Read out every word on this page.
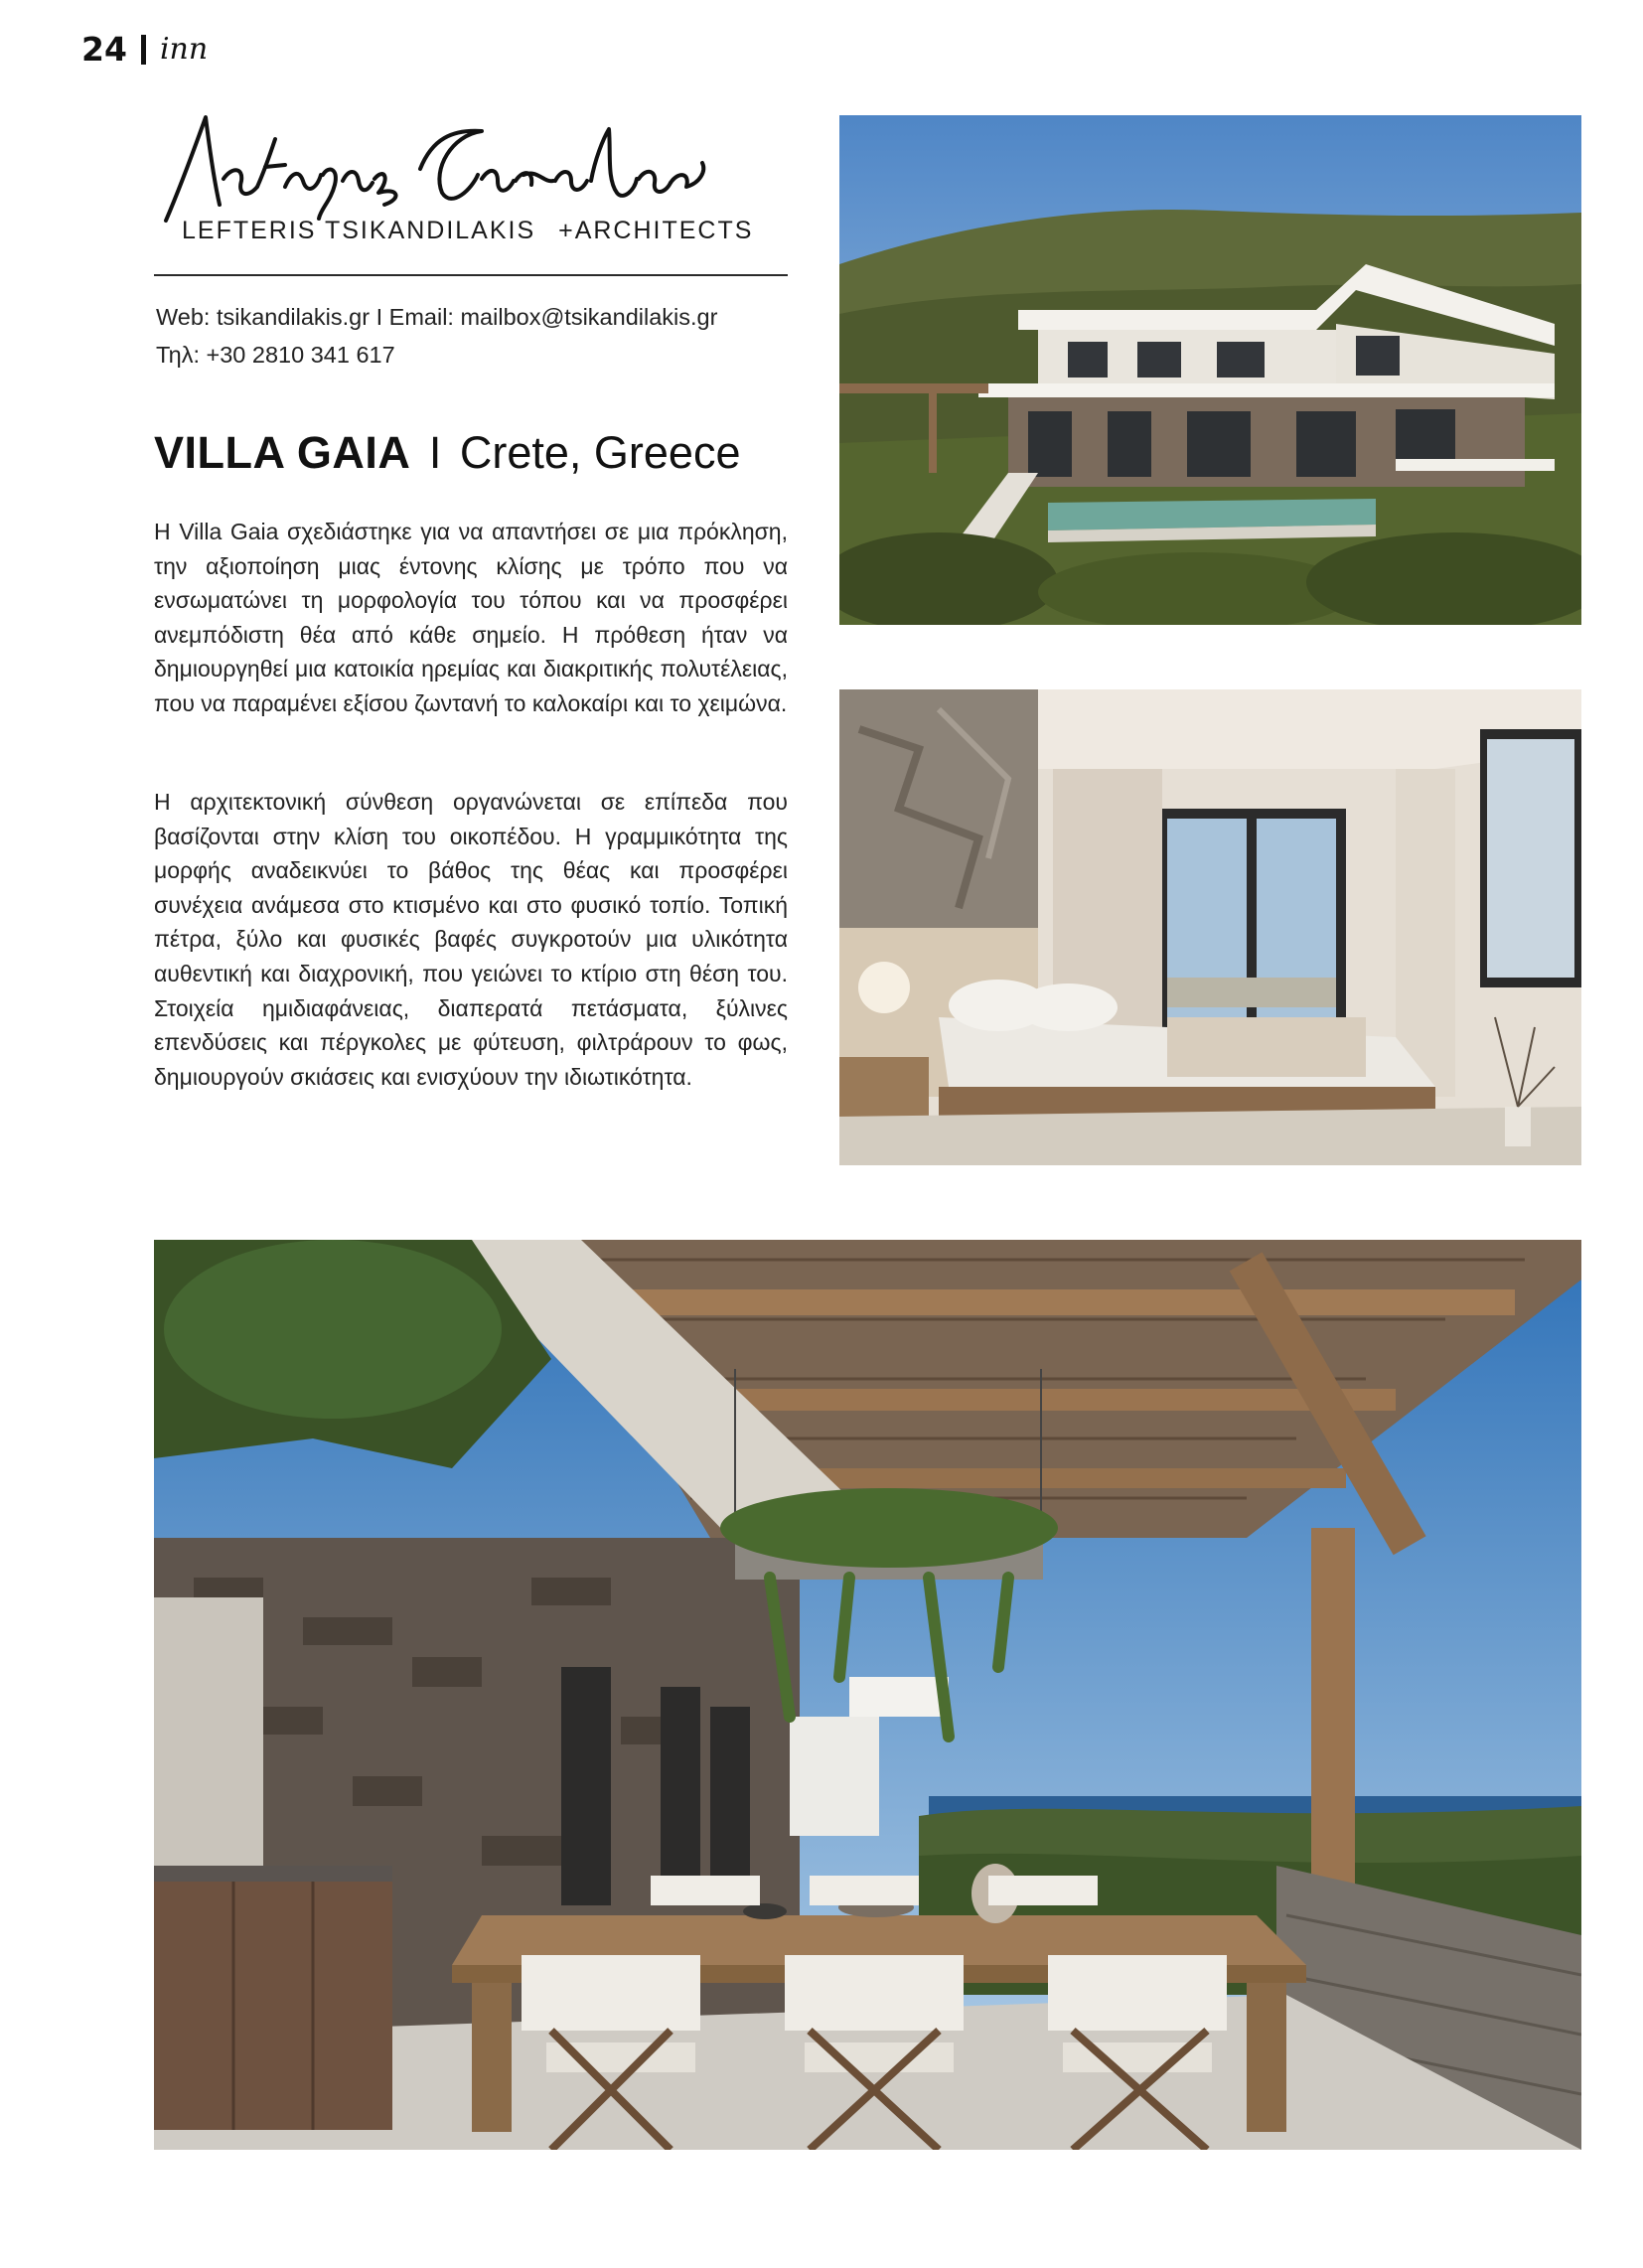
24 inn
LEFTERIS TSIKANDILAKIS +ARCHITECTS
Web: tsikandilakis.gr I Email: mailbox@tsikandilakis.gr
Τηλ: +30 2810 341 617
VILLA GAIA I Crete, Greece

Η Villa Gaia σχεδιάστηκε για να απαντήσει σε μια πρόκληση, την αξιοποίηση μιας έντονης κλίσης με τρόπο που να ενσωματώνει τη μορφολογία του τόπου και να προσφέρει ανεμπόδιστη θέα από κάθε σημείο. Η πρόθεση ήταν να δημιουργηθεί μια κατοικία ηρεμίας και διακριτικής πολυτέλειας, που να παραμένει εξίσου ζωντανή το καλοκαίρι και το χειμώνα.

Η αρχιτεκτονική σύνθεση οργανώνεται σε επίπεδα που βασίζονται στην κλίση του οικοπέδου. Η γραμμικότητα της μορφής αναδεικνύει το βάθος της θέας και προσφέρει συνέχεια ανάμεσα στο κτισμένο και στο φυσικό τοπίο. Τοπική πέτρα, ξύλο και φυσικές βαφές συγκροτούν μια υλικότητα αυθεντική και διαχρονική, που γειώνει το κτίριο στη θέση του. Στοιχεία ημιδιαφάνειας, διαπερατά πετάσματα, ξύλινες επενδύσεις και πέργκολες με φύτευση, φιλτράρουν το φως, δημιουργούν σκιάσεις και ενισχύουν την ιδιωτικότητα.
